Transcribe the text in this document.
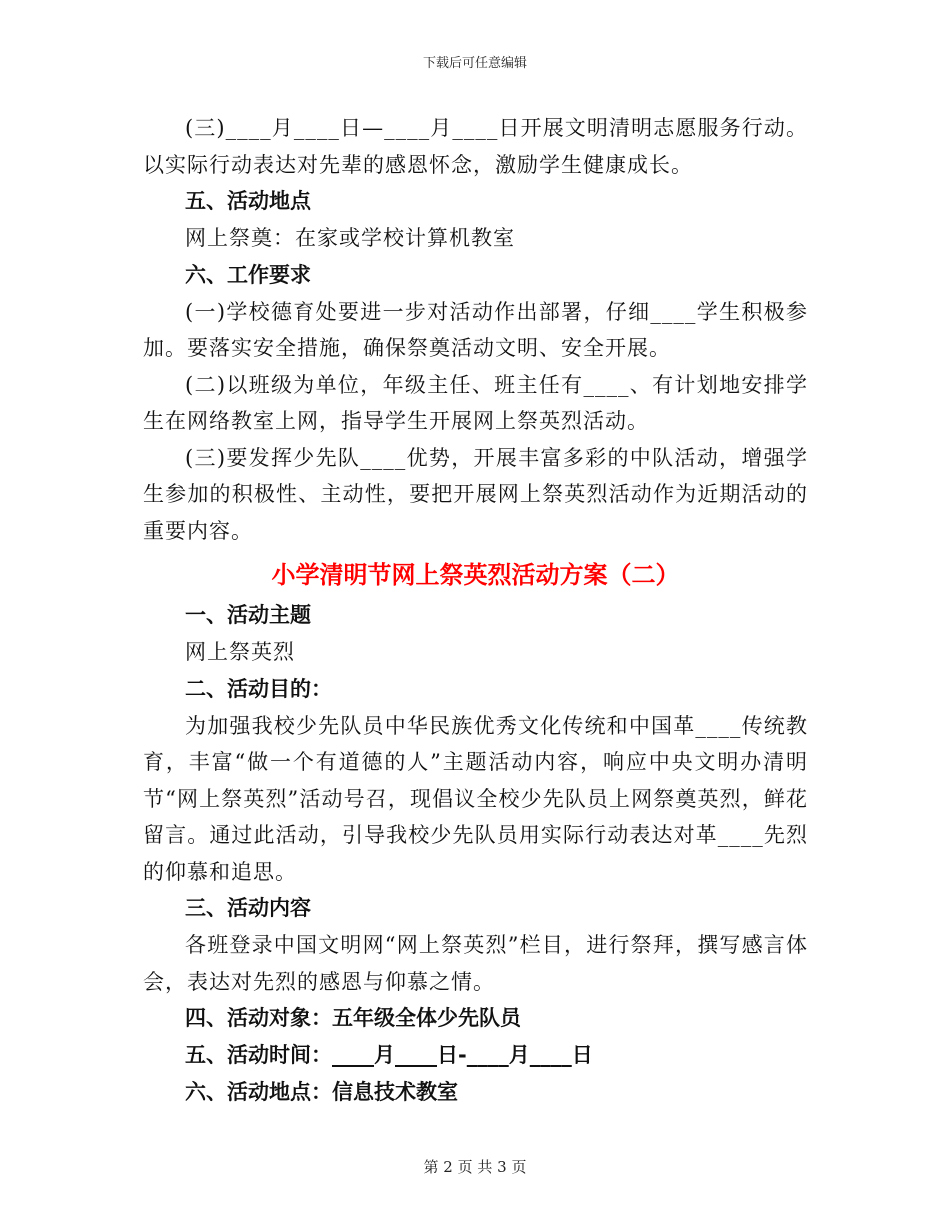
下载后可任意编辑

(三)____月____日—____月____日开展文明清明志愿服务行动。以实际行动表达对先辈的感恩怀念，激励学生健康成长。

五、活动地点

网上祭奠：在家或学校计算机教室

六、工作要求

(一)学校德育处要进一步对活动作出部署，仔细____学生积极参加。要落实安全措施，确保祭奠活动文明、安全开展。

(二)以班级为单位，年级主任、班主任有____、有计划地安排学生在网络教室上网，指导学生开展网上祭英烈活动。

(三)要发挥少先队____优势，开展丰富多彩的中队活动，增强学生参加的积极性、主动性，要把开展网上祭英烈活动作为近期活动的重要内容。

小学清明节网上祭英烈活动方案（二）

一、活动主题

网上祭英烈

二、活动目的：

为加强我校少先队员中华民族优秀文化传统和中国革____传统教育，丰富“做一个有道德的人”主题活动内容，响应中央文明办清明节“网上祭英烈”活动号召，现倡议全校少先队员上网祭奠英烈，鲜花留言。通过此活动，引导我校少先队员用实际行动表达对革____先烈的仰慕和追思。

三、活动内容

各班登录中国文明网“网上祭英烈”栏目，进行祭拜，撰写感言体会，表达对先烈的感恩与仰慕之情。

四、活动对象：五年级全体少先队员

五、活动时间：____月____日-____月____日

六、活动地点：信息技术教室

第 2 页 共 3 页
